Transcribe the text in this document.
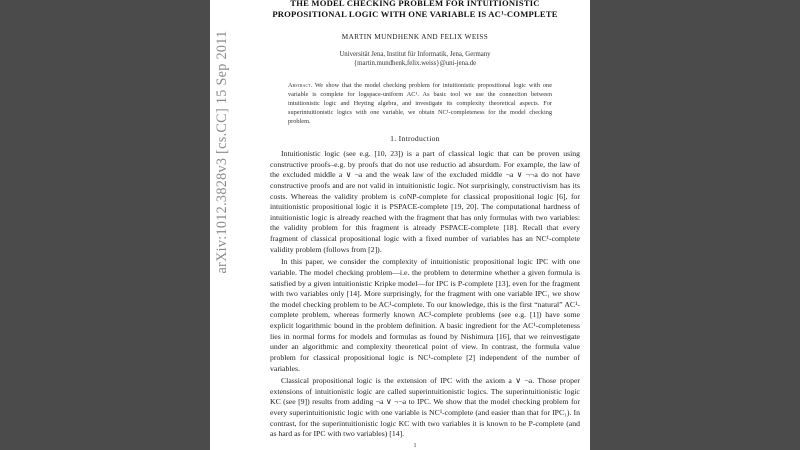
arXiv:1012.3828v3 [cs.CC] 15 Sep 2011
THE MODEL CHECKING PROBLEM FOR INTUITIONISTIC
PROPOSITIONAL LOGIC WITH ONE VARIABLE IS AC¹-COMPLETE
MARTIN MUNDHENK AND FELIX WEISS
Universität Jena, Institut für Informatik, Jena, Germany
{martin.mundhenk,felix.weiss}@uni-jena.de
Abstract. We show that the model checking problem for intuitionistic propositional logic with one variable is complete for logspace-uniform AC¹. As basic tool we use the connection between intuitionistic logic and Heyting algebra, and investigate its complexity theoretical aspects. For superintuitionistic logics with one variable, we obtain NC¹-completeness for the model checking problem.
1. Introduction

Intuitionistic logic (see e.g. [10, 23]) is a part of classical logic that can be proven using constructive proofs–e.g. by proofs that do not use reductio ad absurdum. For example, the law of the excluded middle a ∨ ¬a and the weak law of the excluded middle ¬a ∨ ¬¬a do not have constructive proofs and are not valid in intuitionistic logic. Not surprisingly, constructivism has its costs. Whereas the validity problem is coNP-complete for classical propositional logic [6], for intuitionistic propositional logic it is PSPACE-complete [19, 20]. The computational hardness of intuitionistic logic is already reached with the fragment that has only formulas with two variables: the validity problem for this fragment is already PSPACE-complete [18]. Recall that every fragment of classical propositional logic with a fixed number of variables has an NC¹-complete validity problem (follows from [2]).

In this paper, we consider the complexity of intuitionistic propositional logic IPC with one variable. The model checking problem—i.e. the problem to determine whether a given formula is satisfied by a given intuitionistic Kripke model—for IPC is P-complete [13], even for the fragment with two variables only [14]. More surprisingly, for the fragment with one variable IPC₁ we show the model checking problem to be AC¹-complete. To our knowledge, this is the first “natural” AC¹-complete problem, whereas formerly known AC¹-complete problems (see e.g. [1]) have some explicit logarithmic bound in the problem definition. A basic ingredient for the AC¹-completeness lies in normal forms for models and formulas as found by Nishimura [16], that we reinvestigate under an algorithmic and complexity theoretical point of view. In contrast, the formula value problem for classical propositional logic is NC¹-complete [2] independent of the number of variables.

Classical propositional logic is the extension of IPC with the axiom a ∨ ¬a. Those proper extensions of intuitionistic logic are called superintuitionistic logics. The superintuitionistic logic KC (see [9]) results from adding ¬a ∨ ¬¬a to IPC. We show that the model checking problem for every superintuitionistic logic with one variable is NC¹-complete (and easier than that for IPC₁). In contrast, for the superintuitionistic logic KC with two variables it is known to be P-complete (and as hard as for IPC with two variables) [14].

1
